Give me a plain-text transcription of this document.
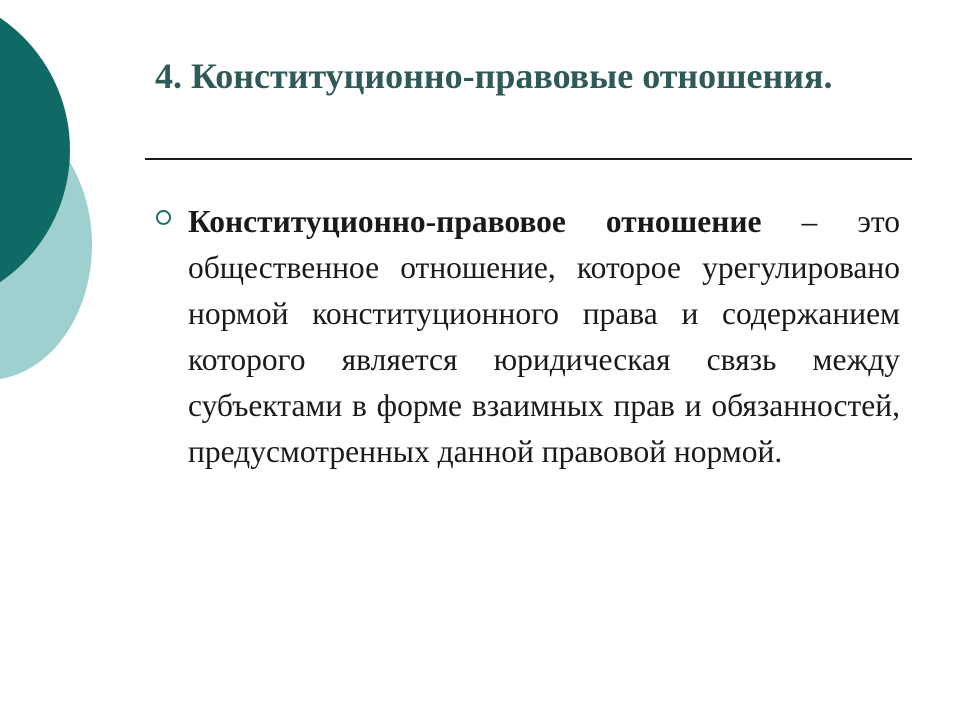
4. Конституционно-правовые отношения.
Конституционно-правовое отношение – это общественное отношение, которое урегулировано нормой конституционного права и содержанием которого является юридическая связь между субъектами в форме взаимных прав и обязанностей, предусмотренных данной правовой нормой.
